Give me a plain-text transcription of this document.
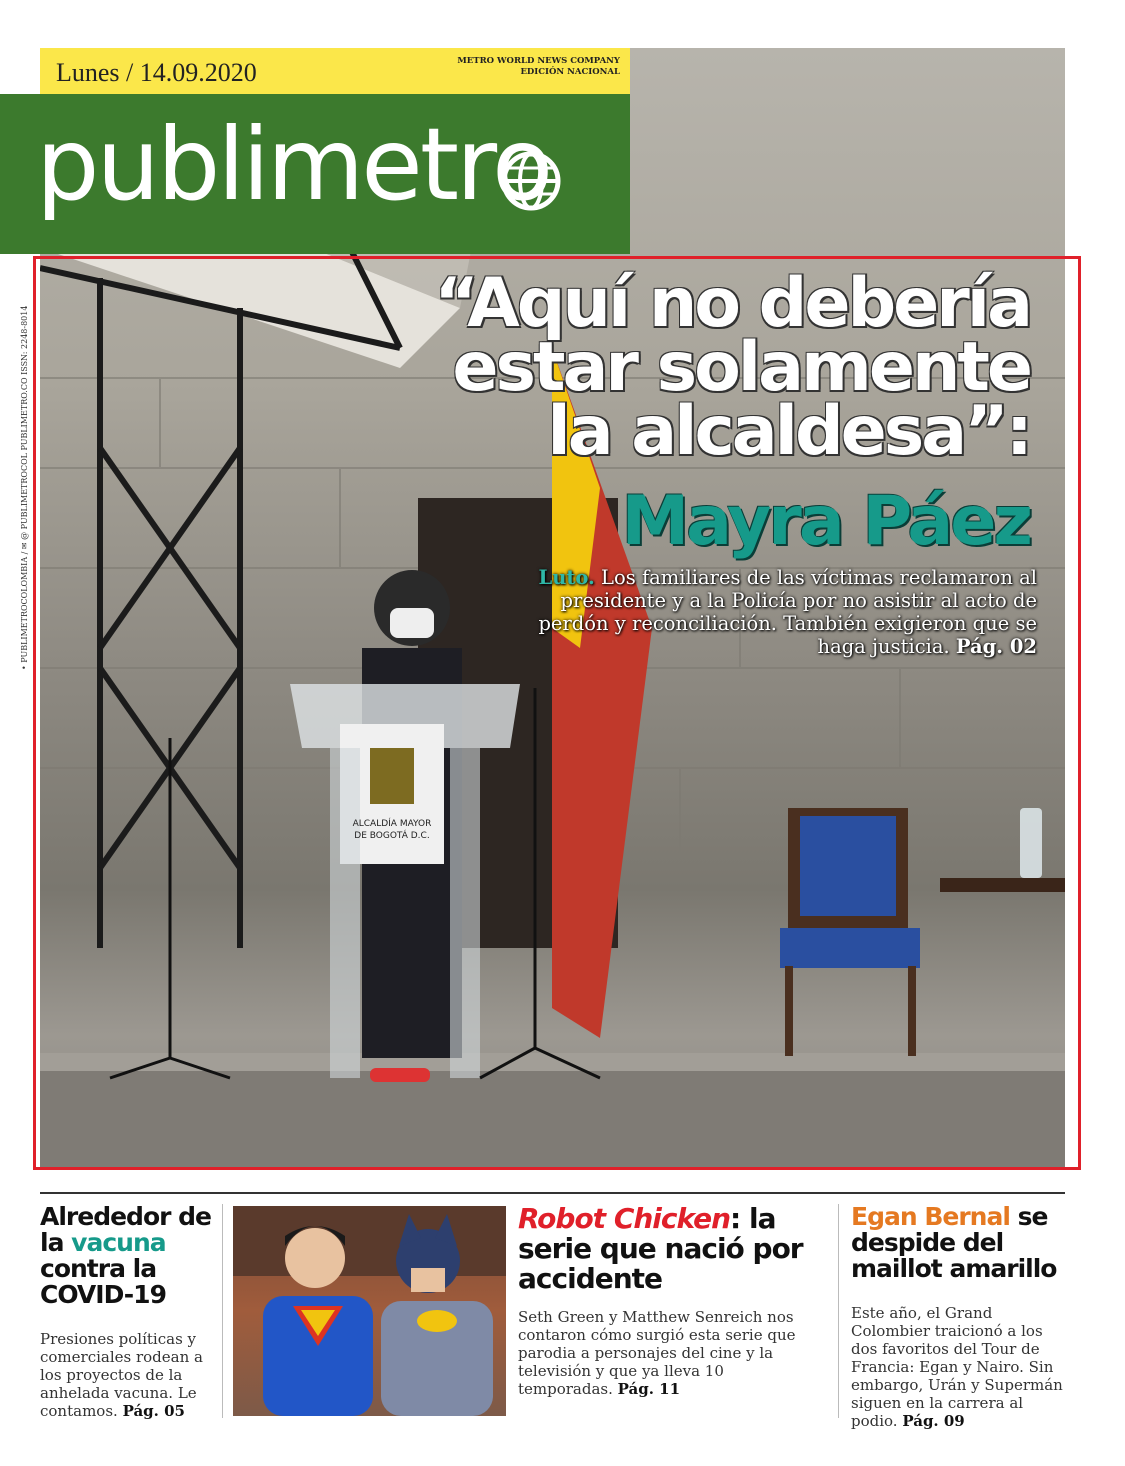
ALCALDÍA MAYOR
DE BOGOTÁ D.C.
Lunes / 14.09.2020	METRO WORLD NEWS COMPANY
EDICIÓN NACIONAL
publimetro
• PUBLIMETROCOLOMBIA / ✉ @ PUBLIMETROCOL PUBLIMETRO.CO ISSN: 2248-8014
“Aquí no debería
estar solamente
la alcaldesa”:
Mayra Páez
Luto. Los familiares de las víctimas reclamaron al presidente y a la Policía por no asistir al acto de perdón y reconciliación. También exigieron que se haga justicia. Pág. 02
Alrededor de la vacuna contra la COVID-19
Presiones políticas y comerciales rodean a los proyectos de la anhelada vacuna. Le contamos. Pág. 05
Robot Chicken: la serie que nació por accidente
Seth Green y Matthew Senreich nos contaron cómo surgió esta serie que parodia a personajes del cine y la televisión y que ya lleva 10 temporadas. Pág. 11
Egan Bernal se despide del maillot amarillo
Este año, el Grand Colombier traicionó a los dos favoritos del Tour de Francia: Egan y Nairo. Sin embargo, Urán y Supermán siguen en la carrera al podio. Pág. 09
